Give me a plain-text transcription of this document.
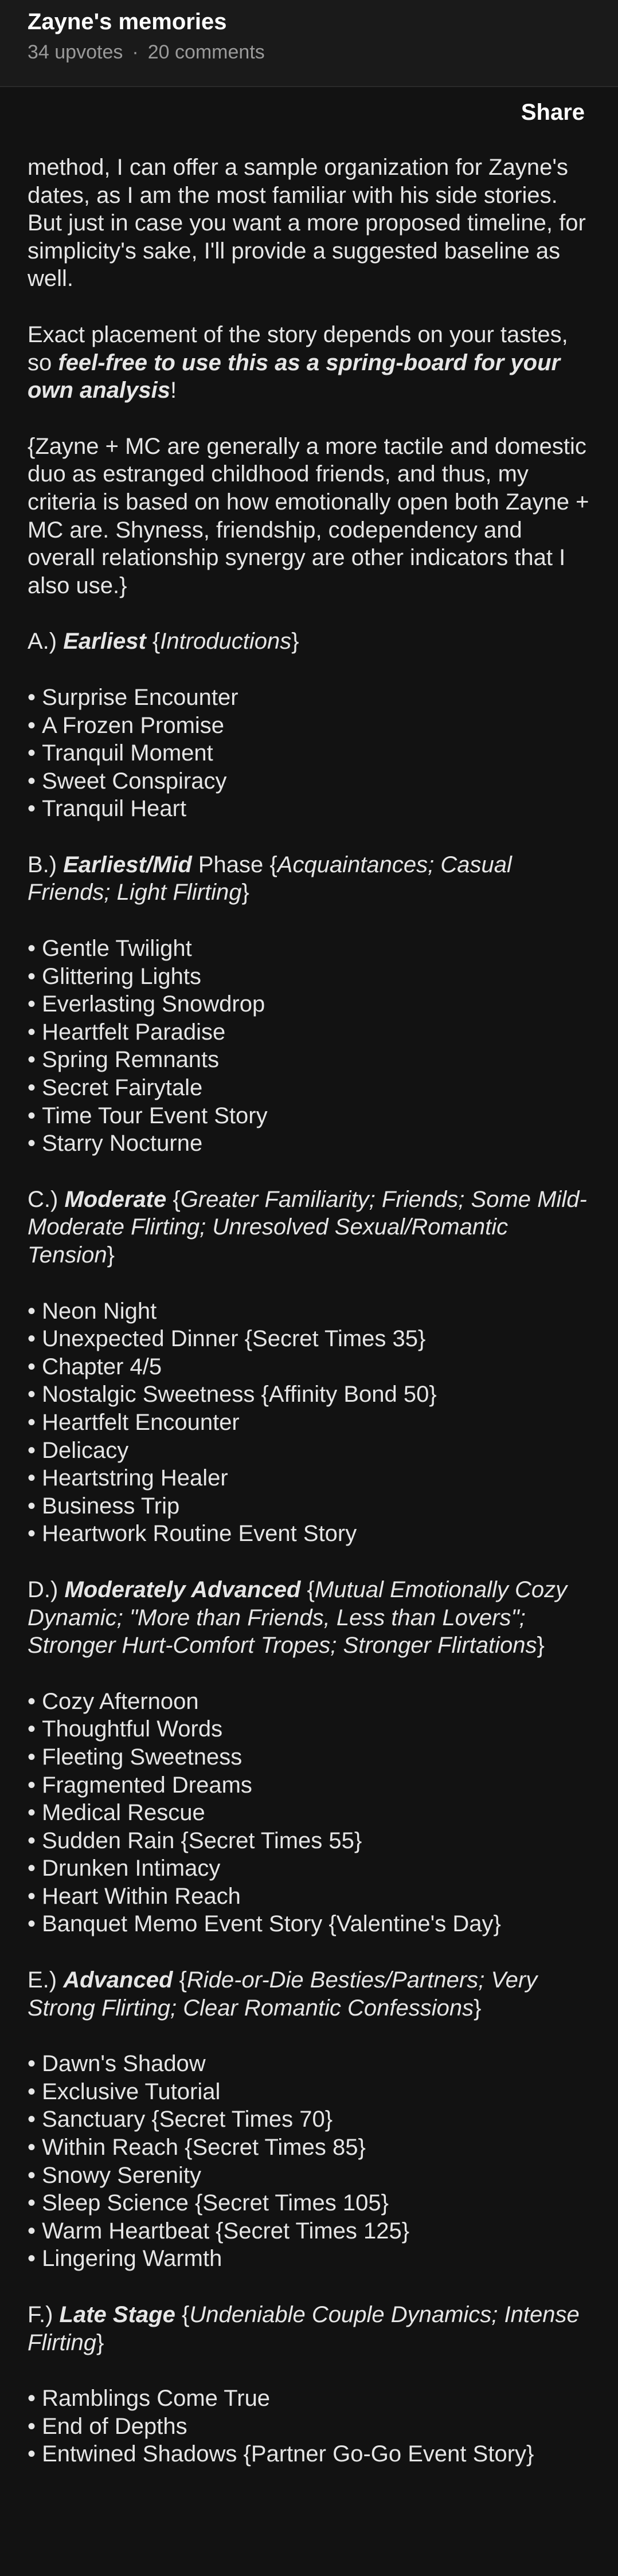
Zayne's memories
34 upvotes · 20 comments
Share

method, I can offer a sample organization for Zayne's dates, as I am the most familiar with his side stories. But just in case you want a more proposed timeline, for simplicity's sake, I'll provide a suggested baseline as well.

Exact placement of the story depends on your tastes, so feel-free to use this as a spring-board for your own analysis!

{Zayne + MC are generally a more tactile and domestic duo as estranged childhood friends, and thus, my criteria is based on how emotionally open both Zayne + MC are. Shyness, friendship, codependency and overall relationship synergy are other indicators that I also use.}

A.) Earliest {Introductions}

• Surprise Encounter
• A Frozen Promise
• Tranquil Moment
• Sweet Conspiracy
• Tranquil Heart

B.) Earliest/Mid Phase {Acquaintances; Casual Friends; Light Flirting}

• Gentle Twilight
• Glittering Lights
• Everlasting Snowdrop
• Heartfelt Paradise
• Spring Remnants
• Secret Fairytale
• Time Tour Event Story
• Starry Nocturne

C.) Moderate {Greater Familiarity; Friends; Some Mild-Moderate Flirting; Unresolved Sexual/Romantic Tension}

• Neon Night
• Unexpected Dinner {Secret Times 35}
• Chapter 4/5
• Nostalgic Sweetness {Affinity Bond 50}
• Heartfelt Encounter
• Delicacy
• Heartstring Healer
• Business Trip
• Heartwork Routine Event Story

D.) Moderately Advanced {Mutual Emotionally Cozy Dynamic; "More than Friends, Less than Lovers"; Stronger Hurt-Comfort Tropes; Stronger Flirtations}

• Cozy Afternoon
• Thoughtful Words
• Fleeting Sweetness
• Fragmented Dreams
• Medical Rescue
• Sudden Rain {Secret Times 55}
• Drunken Intimacy
• Heart Within Reach
• Banquet Memo Event Story {Valentine's Day}

E.) Advanced {Ride-or-Die Besties/Partners; Very Strong Flirting; Clear Romantic Confessions}

• Dawn's Shadow
• Exclusive Tutorial
• Sanctuary {Secret Times 70}
• Within Reach {Secret Times 85}
• Snowy Serenity
• Sleep Science {Secret Times 105}
• Warm Heartbeat {Secret Times 125}
• Lingering Warmth

F.) Late Stage {Undeniable Couple Dynamics; Intense Flirting}

• Ramblings Come True
• End of Depths
• Entwined Shadows {Partner Go-Go Event Story}
